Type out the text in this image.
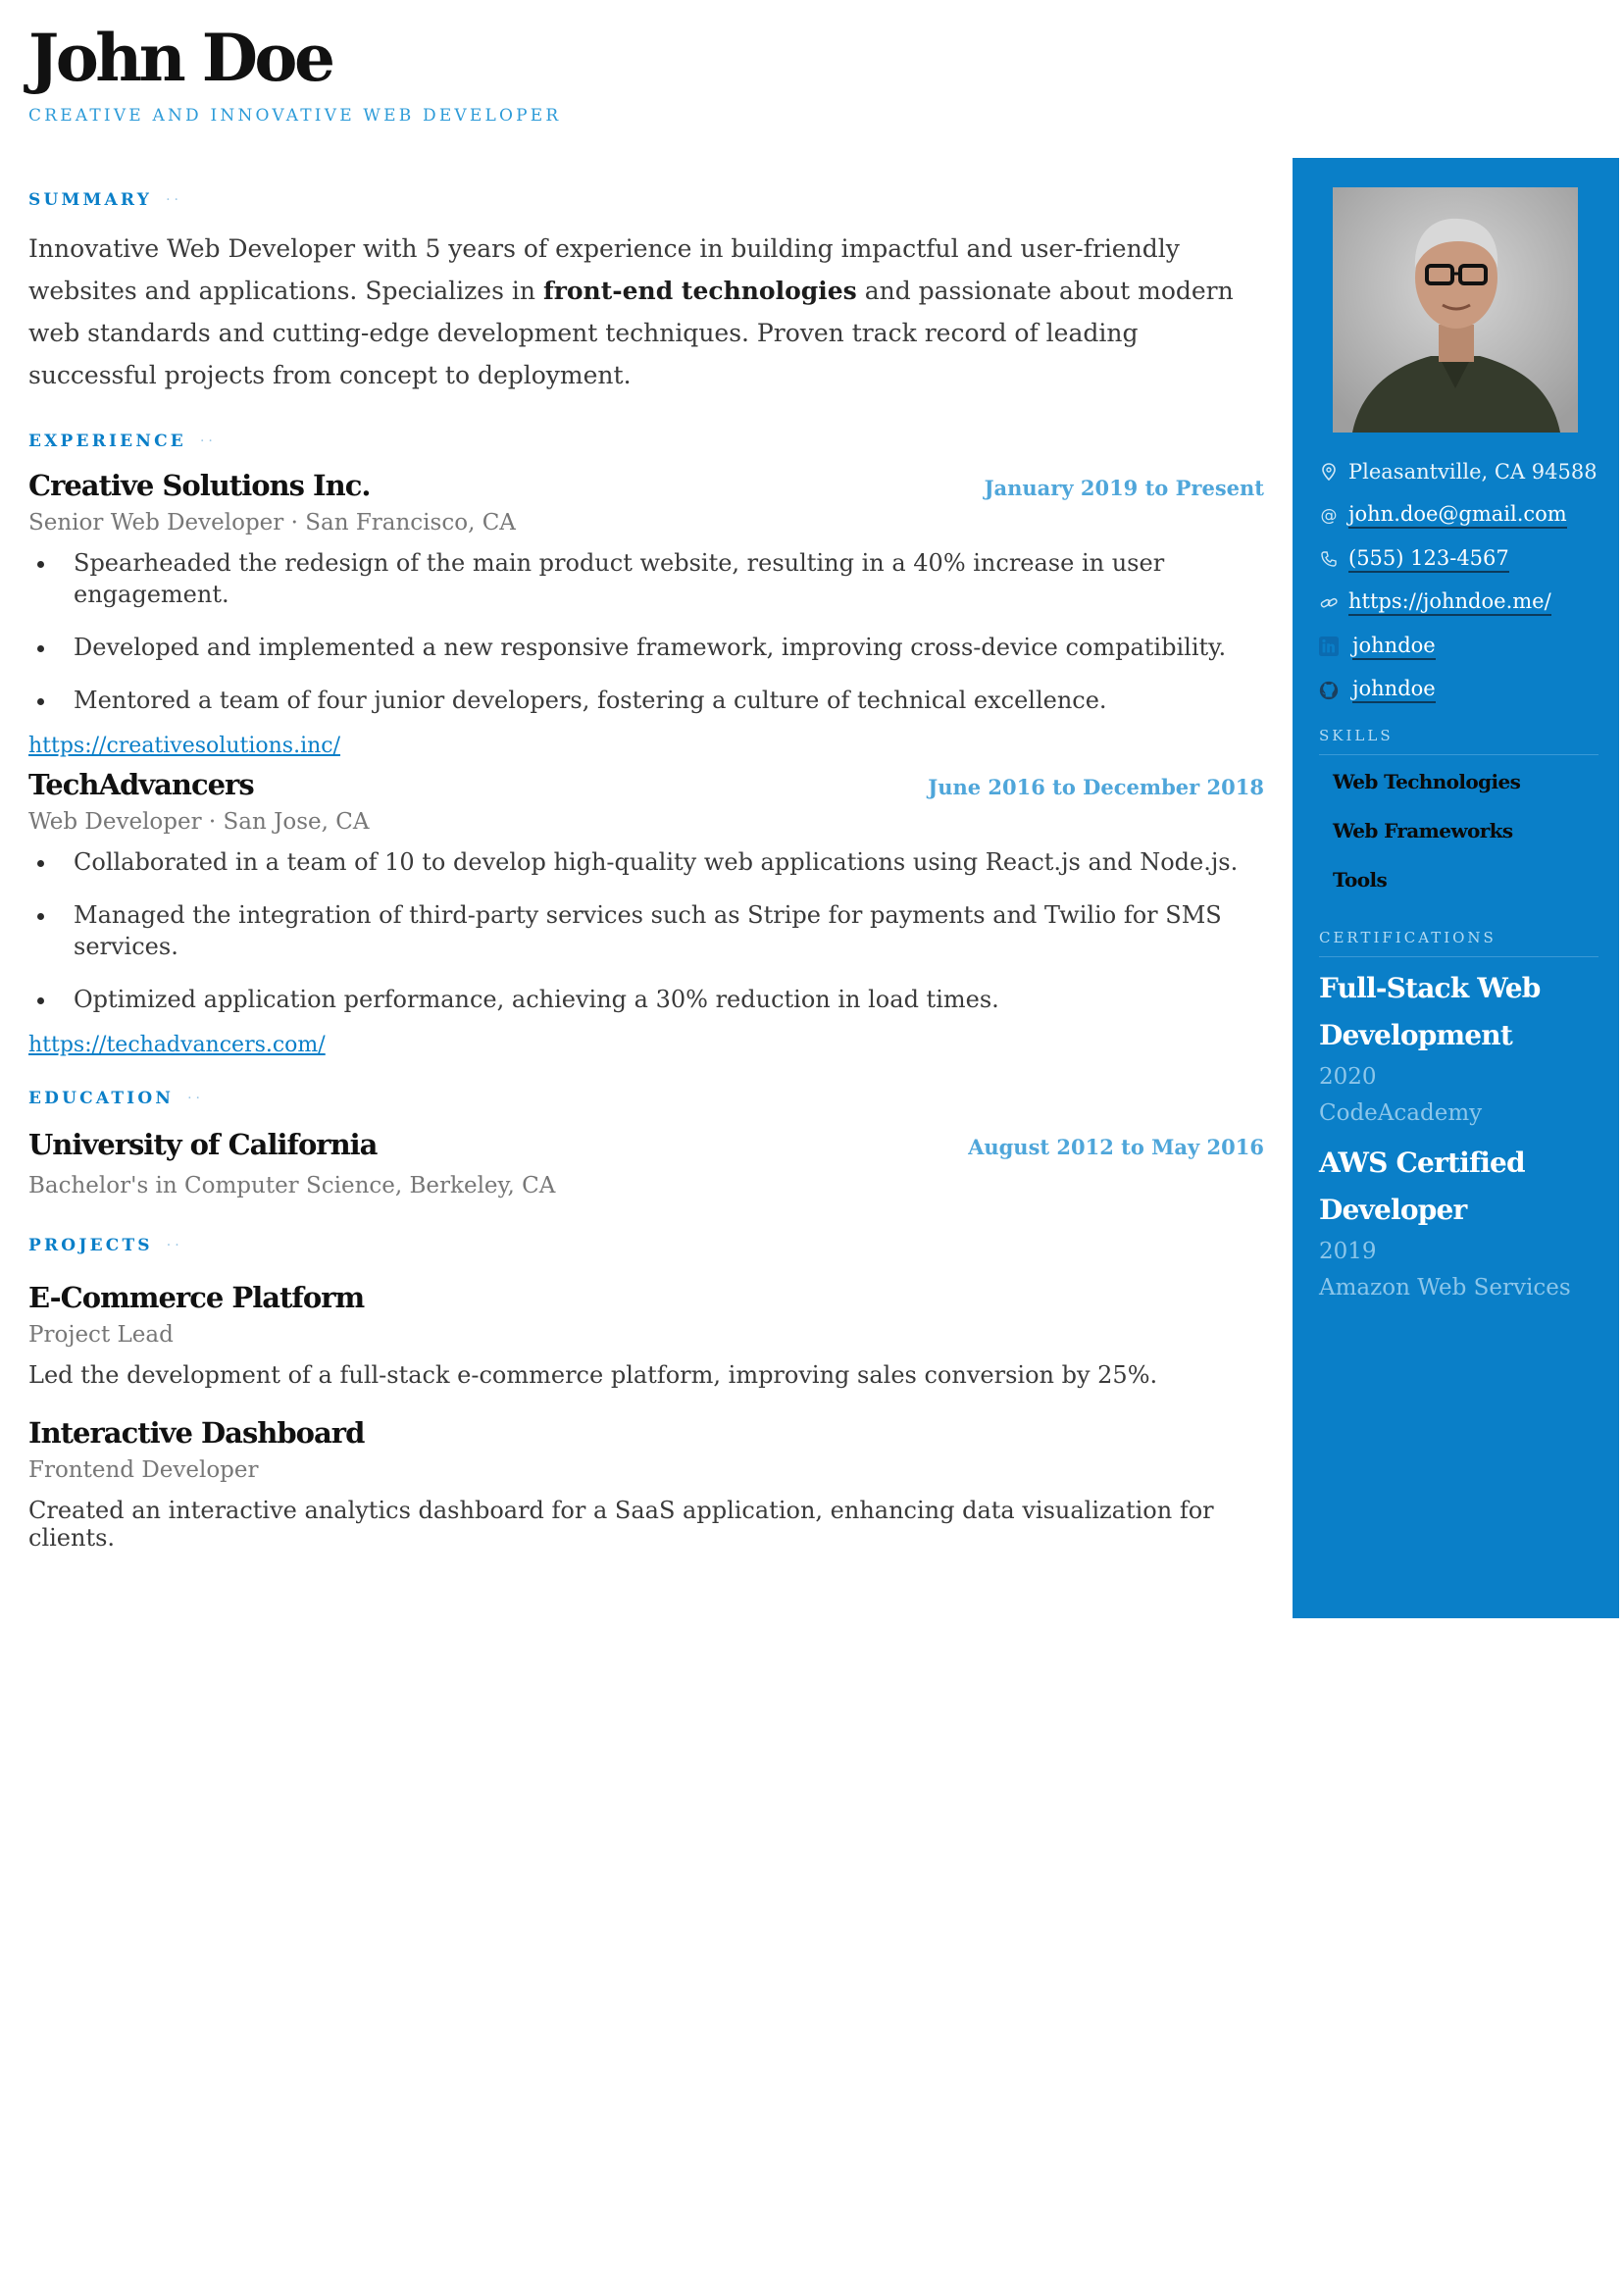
John Doe
CREATIVE AND INNOVATIVE WEB DEVELOPER
SUMMARY ··

Innovative Web Developer with 5 years of experience in building impactful and user-friendly websites and applications. Specializes in front-end technologies and passionate about modern web standards and cutting-edge development techniques. Proven track record of leading successful projects from concept to deployment.

EXPERIENCE ··
Creative Solutions Inc.	January 2019 to Present
Senior Web Developer · San Francisco, CA
Spearheaded the redesign of the main product website, resulting in a 40% increase in user engagement.
Developed and implemented a new responsive framework, improving cross-device compatibility.
Mentored a team of four junior developers, fostering a culture of technical excellence.
https://creativesolutions.inc/
TechAdvancers	June 2016 to December 2018
Web Developer · San Jose, CA
Collaborated in a team of 10 to develop high-quality web applications using React.js and Node.js.
Managed the integration of third-party services such as Stripe for payments and Twilio for SMS services.
Optimized application performance, achieving a 30% reduction in load times.
https://techadvancers.com/
EDUCATION ··
University of California	August 2012 to May 2016
Bachelor's in Computer Science, Berkeley, CA
PROJECTS ··
E-Commerce Platform
Project Lead
Led the development of a full-stack e-commerce platform, improving sales conversion by 25%.
Interactive Dashboard
Frontend Developer
Created an interactive analytics dashboard for a SaaS application, enhancing data visualization for clients.
Pleasantville, CA 94588
@ john.doe@gmail.com
(555) 123-4567
https://johndoe.me/
johndoe
johndoe
SKILLS
Web Technologies
Web Frameworks
Tools
CERTIFICATIONS
Full-Stack Web Development
2020
CodeAcademy
AWS Certified Developer
2019
Amazon Web Services
